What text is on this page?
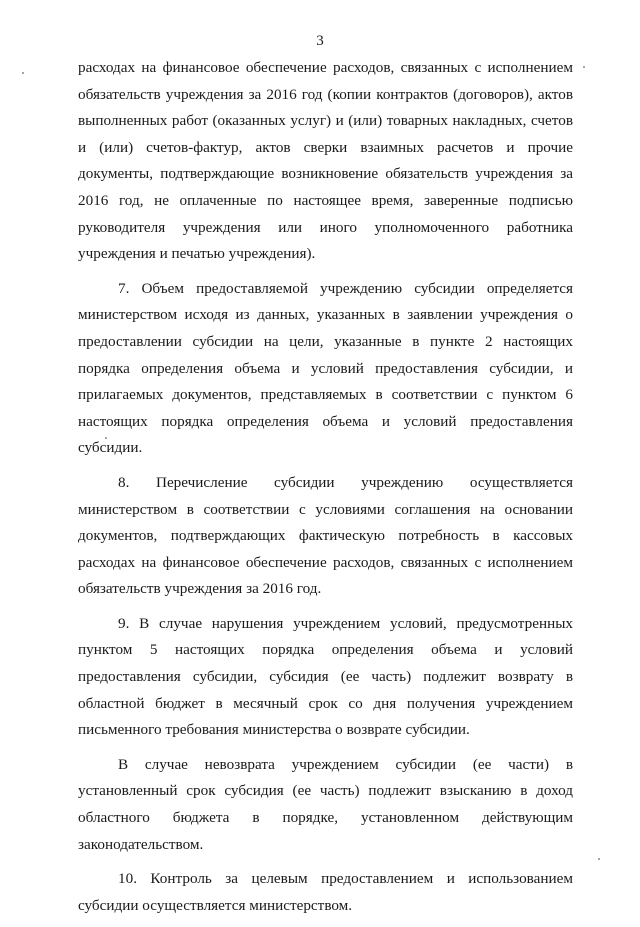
3

расходах на финансовое обеспечение расходов, связанных с исполнением обязательств учреждения за 2016 год (копии контрактов (договоров), актов выполненных работ (оказанных услуг) и (или) товарных накладных, счетов и (или) счетов-фактур, актов сверки взаимных расчетов и прочие документы, подтверждающие возникновение обязательств учреждения за 2016 год, не оплаченные по настоящее время, заверенные подписью руководителя учреждения или иного уполномоченного работника учреждения и печатью учреждения).

7. Объем предоставляемой учреждению субсидии определяется министерством исходя из данных, указанных в заявлении учреждения о предоставлении субсидии на цели, указанные в пункте 2 настоящих порядка определения объема и условий предоставления субсидии, и прилагаемых документов, представляемых в соответствии с пунктом 6 настоящих порядка определения объема и условий предоставления субсидии.

8. Перечисление субсидии учреждению осуществляется министерством в соответствии с условиями соглашения на основании документов, подтверждающих фактическую потребность в кассовых расходах на финансовое обеспечение расходов, связанных с исполнением обязательств учреждения за 2016 год.

9. В случае нарушения учреждением условий, предусмотренных пунктом 5 настоящих порядка определения объема и условий предоставления субсидии, субсидия (ее часть) подлежит возврату в областной бюджет в месячный срок со дня получения учреждением письменного требования министерства о возврате субсидии.

В случае невозврата учреждением субсидии (ее части) в установленный срок субсидия (ее часть) подлежит взысканию в доход областного бюджета в порядке, установленном действующим законодательством.

10. Контроль за целевым предоставлением и использованием субсидии осуществляется министерством.
